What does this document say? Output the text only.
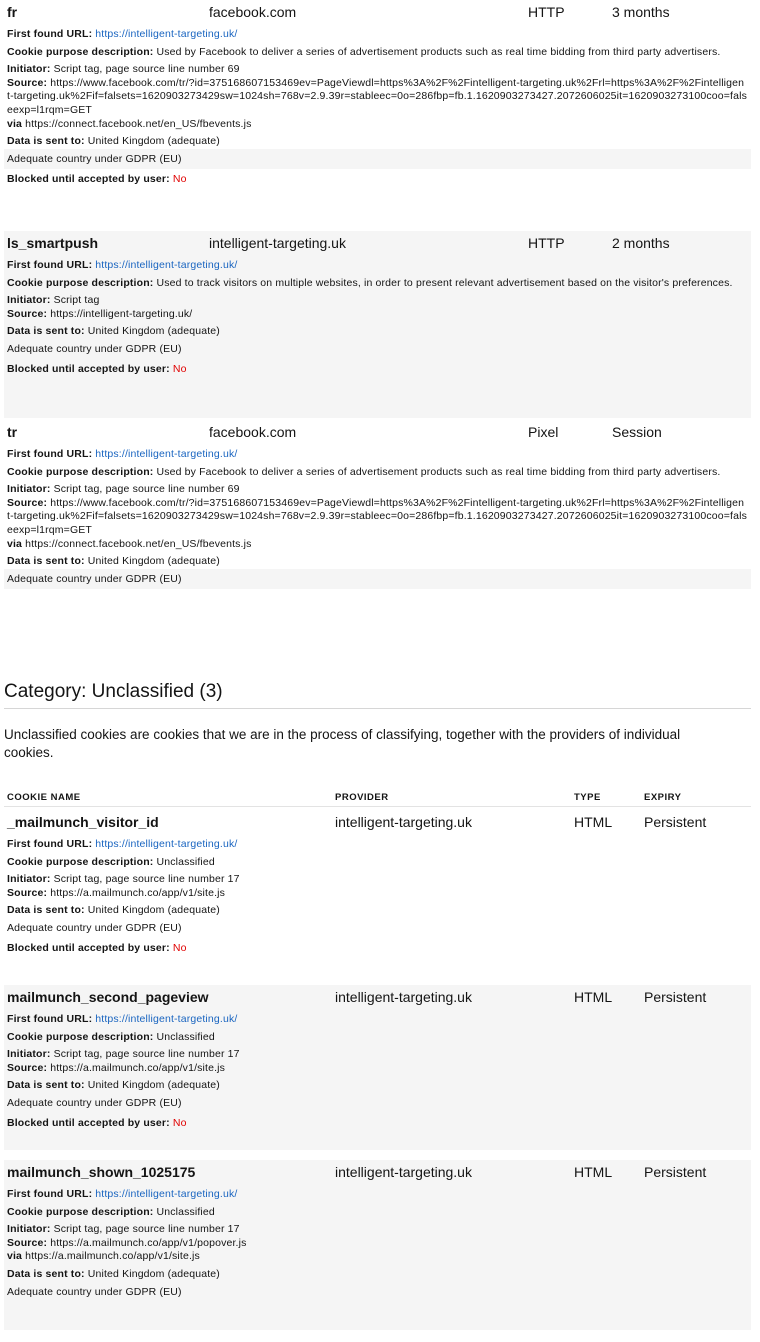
fr	facebook.com	HTTP	3 months
First found URL: https://intelligent-targeting.uk/
Cookie purpose description: Used by Facebook to deliver a series of advertisement products such as real time bidding from third party advertisers.
Initiator: Script tag, page source line number 69
Source: https://www.facebook.com/tr/?id=375168607153469ev=PageViewdl=https%3A%2F%2Fintelligent-targeting.uk%2Frl=https%3A%2F%2Fintelligent-targeting.uk%2Fif=falsets=1620903273429sw=1024sh=768v=2.9.39r=stableec=0o=286fbp=fb.1.1620903273427.2072606025it=1620903273100coo=falseexp=l1rqm=GET
via https://connect.facebook.net/en_US/fbevents.js
Data is sent to: United Kingdom (adequate)
Adequate country under GDPR (EU)
Blocked until accepted by user: No
ls_smartpush	intelligent-targeting.uk	HTTP	2 months
First found URL: https://intelligent-targeting.uk/
Cookie purpose description: Used to track visitors on multiple websites, in order to present relevant advertisement based on the visitor's preferences.
Initiator: Script tag
Source: https://intelligent-targeting.uk/
Data is sent to: United Kingdom (adequate)
Adequate country under GDPR (EU)
Blocked until accepted by user: No
tr	facebook.com	Pixel	Session
First found URL: https://intelligent-targeting.uk/
Cookie purpose description: Used by Facebook to deliver a series of advertisement products such as real time bidding from third party advertisers.
Initiator: Script tag, page source line number 69
Source: https://www.facebook.com/tr/?id=375168607153469ev=PageViewdl=https%3A%2F%2Fintelligent-targeting.uk%2Frl=https%3A%2F%2Fintelligent-targeting.uk%2Fif=falsets=1620903273429sw=1024sh=768v=2.9.39r=stableec=0o=286fbp=fb.1.1620903273427.2072606025it=1620903273100coo=falseexp=l1rqm=GET
via https://connect.facebook.net/en_US/fbevents.js
Data is sent to: United Kingdom (adequate)
Adequate country under GDPR (EU)
Category: Unclassified (3)
Unclassified cookies are cookies that we are in the process of classifying, together with the providers of individual cookies.
COOKIE NAME	PROVIDER	TYPE	EXPIRY
_mailmunch_visitor_id	intelligent-targeting.uk	HTML Persistent
First found URL: https://intelligent-targeting.uk/
Cookie purpose description: Unclassified
Initiator: Script tag, page source line number 17
Source: https://a.mailmunch.co/app/v1/site.js
Data is sent to: United Kingdom (adequate)
Adequate country under GDPR (EU)
Blocked until accepted by user: No
mailmunch_second_pageview	intelligent-targeting.uk	HTML Persistent
First found URL: https://intelligent-targeting.uk/
Cookie purpose description: Unclassified
Initiator: Script tag, page source line number 17
Source: https://a.mailmunch.co/app/v1/site.js
Data is sent to: United Kingdom (adequate)
Adequate country under GDPR (EU)
Blocked until accepted by user: No
mailmunch_shown_1025175	intelligent-targeting.uk	HTML Persistent
First found URL: https://intelligent-targeting.uk/
Cookie purpose description: Unclassified
Initiator: Script tag, page source line number 17
Source: https://a.mailmunch.co/app/v1/popover.js
via https://a.mailmunch.co/app/v1/site.js
Data is sent to: United Kingdom (adequate)
Adequate country under GDPR (EU)
